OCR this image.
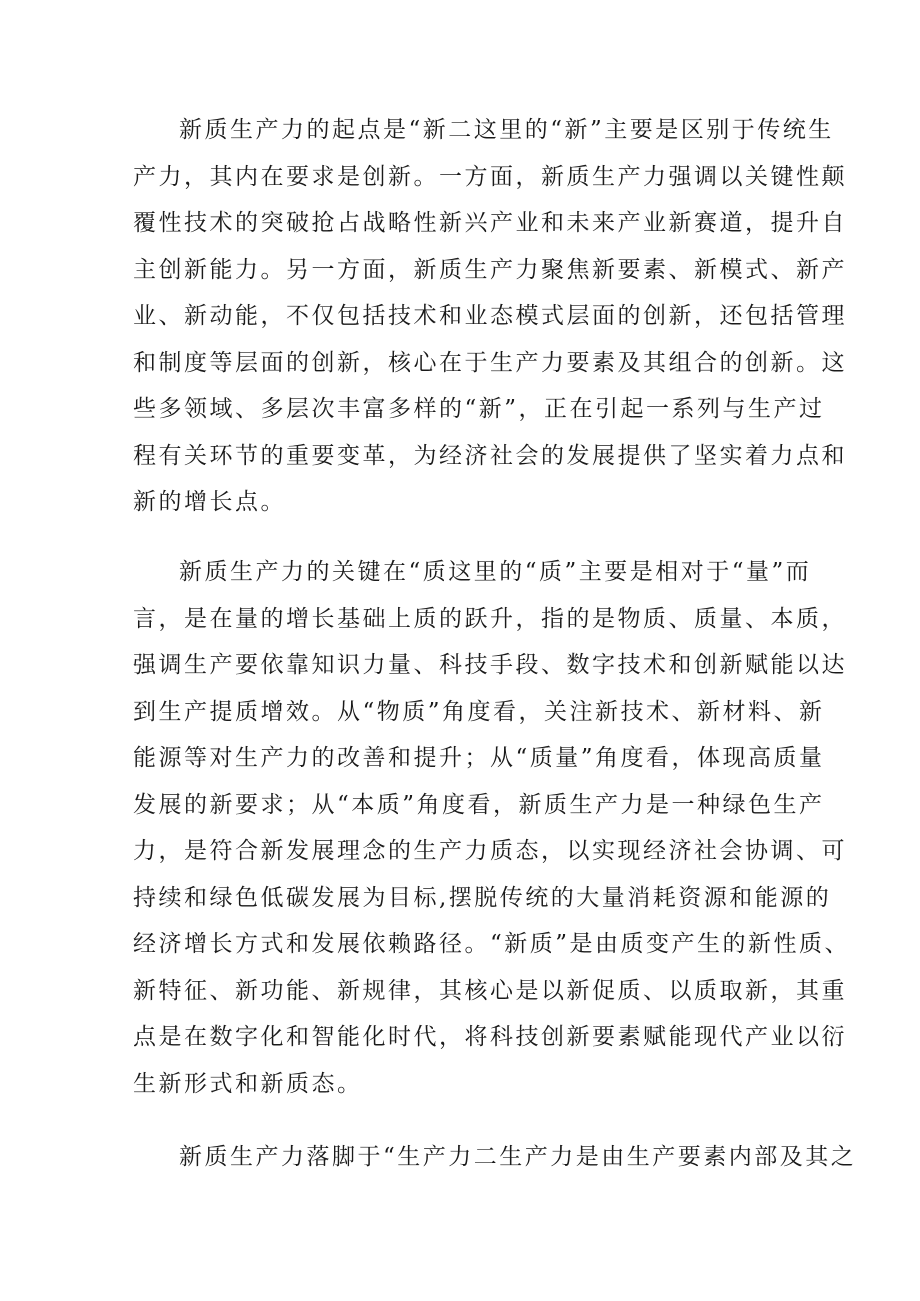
新质生产力的起点是“新二这里的“新”主要是区别于传统生
产力，其内在要求是创新。一方面，新质生产力强调以关键性颠
覆性技术的突破抢占战略性新兴产业和未来产业新赛道，提升自
主创新能力。另一方面，新质生产力聚焦新要素、新模式、新产
业、新动能，不仅包括技术和业态模式层面的创新，还包括管理
和制度等层面的创新，核心在于生产力要素及其组合的创新。这
些多领域、多层次丰富多样的“新”，正在引起一系列与生产过
程有关环节的重要变革，为经济社会的发展提供了坚实着力点和
新的增长点。
新质生产力的关键在“质这里的“质”主要是相对于“量”而
言，是在量的增长基础上质的跃升，指的是物质、质量、本质，
强调生产要依靠知识力量、科技手段、数字技术和创新赋能以达
到生产提质增效。从“物质”角度看，关注新技术、新材料、新
能源等对生产力的改善和提升；从“质量”角度看，体现高质量
发展的新要求；从“本质”角度看，新质生产力是一种绿色生产
力，是符合新发展理念的生产力质态，以实现经济社会协调、可
持续和绿色低碳发展为目标,摆脱传统的大量消耗资源和能源的
经济增长方式和发展依赖路径。“新质”是由质变产生的新性质、
新特征、新功能、新规律，其核心是以新促质、以质取新，其重
点是在数字化和智能化时代，将科技创新要素赋能现代产业以衍
生新形式和新质态。
新质生产力落脚于“生产力二生产力是由生产要素内部及其之
